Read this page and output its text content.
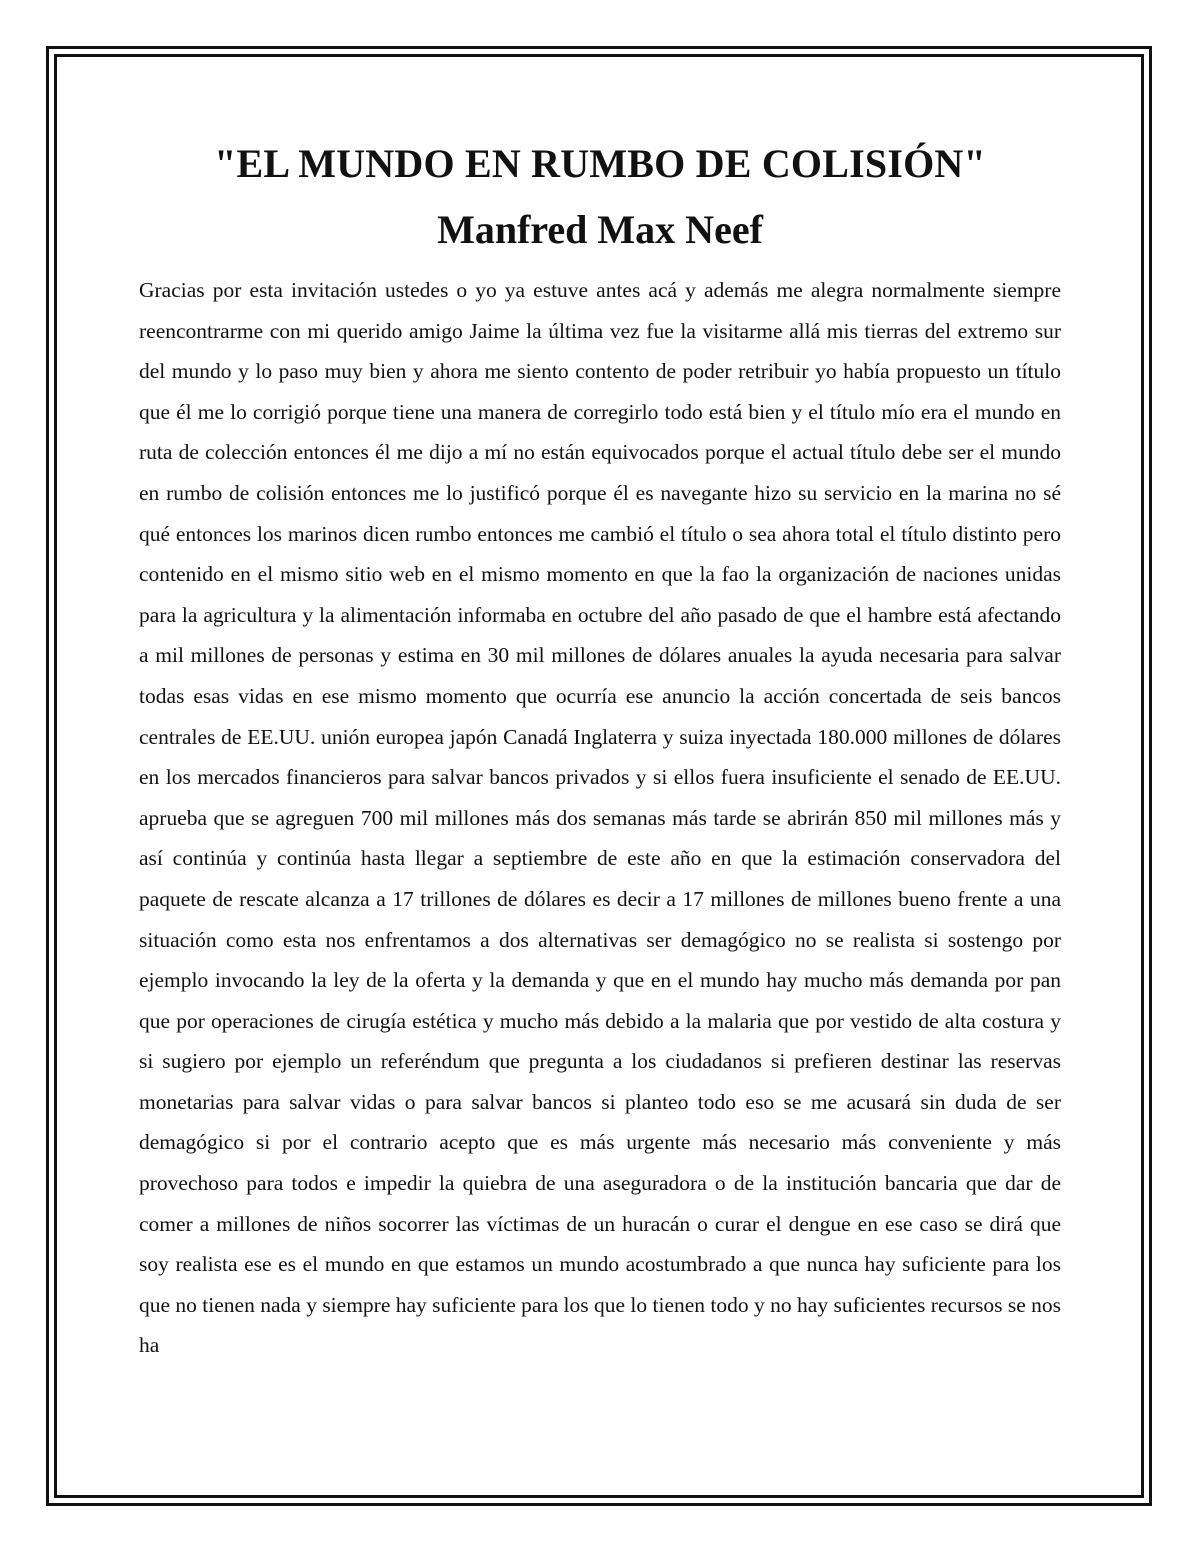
"EL MUNDO EN RUMBO DE COLISIÓN"
Manfred Max Neef

Gracias por esta invitación ustedes o yo ya estuve antes acá y además me alegra normalmente siempre reencontrarme con mi querido amigo Jaime la última vez fue la visitarme allá mis tierras del extremo sur del mundo y lo paso muy bien y ahora me siento contento de poder retribuir yo había propuesto un título que él me lo corrigió porque tiene una manera de corregirlo todo está bien y el título mío era el mundo en ruta de colección entonces él me dijo a mí no están equivocados porque el actual título debe ser el mundo en rumbo de colisión entonces me lo justificó porque él es navegante hizo su servicio en la marina no sé qué entonces los marinos dicen rumbo entonces me cambió el título o sea ahora total el título distinto pero contenido en el mismo sitio web en el mismo momento en que la fao la organización de naciones unidas para la agricultura y la alimentación informaba en octubre del año pasado de que el hambre está afectando a mil millones de personas y estima en 30 mil millones de dólares anuales la ayuda necesaria para salvar todas esas vidas en ese mismo momento que ocurría ese anuncio la acción concertada de seis bancos centrales de EE.UU. unión europea japón Canadá Inglaterra y suiza inyectada 180.000 millones de dólares en los mercados financieros para salvar bancos privados y si ellos fuera insuficiente el senado de EE.UU. aprueba que se agreguen 700 mil millones más dos semanas más tarde se abrirán 850 mil millones más y así continúa y continúa hasta llegar a septiembre de este año en que la estimación conservadora del paquete de rescate alcanza a 17 trillones de dólares es decir a 17 millones de millones bueno frente a una situación como esta nos enfrentamos a dos alternativas ser demagógico no se realista si sostengo por ejemplo invocando la ley de la oferta y la demanda y que en el mundo hay mucho más demanda por pan que por operaciones de cirugía estética y mucho más debido a la malaria que por vestido de alta costura y si sugiero por ejemplo un referéndum que pregunta a los ciudadanos si prefieren destinar las reservas monetarias para salvar vidas o para salvar bancos si planteo todo eso se me acusará sin duda de ser demagógico si por el contrario acepto que es más urgente más necesario más conveniente y más provechoso para todos e impedir la quiebra de una aseguradora o de la institución bancaria que dar de comer a millones de niños socorrer las víctimas de un huracán o curar el dengue en ese caso se dirá que soy realista ese es el mundo en que estamos un mundo acostumbrado a que nunca hay suficiente para los que no tienen nada y siempre hay suficiente para los que lo tienen todo y no hay suficientes recursos se nos ha
